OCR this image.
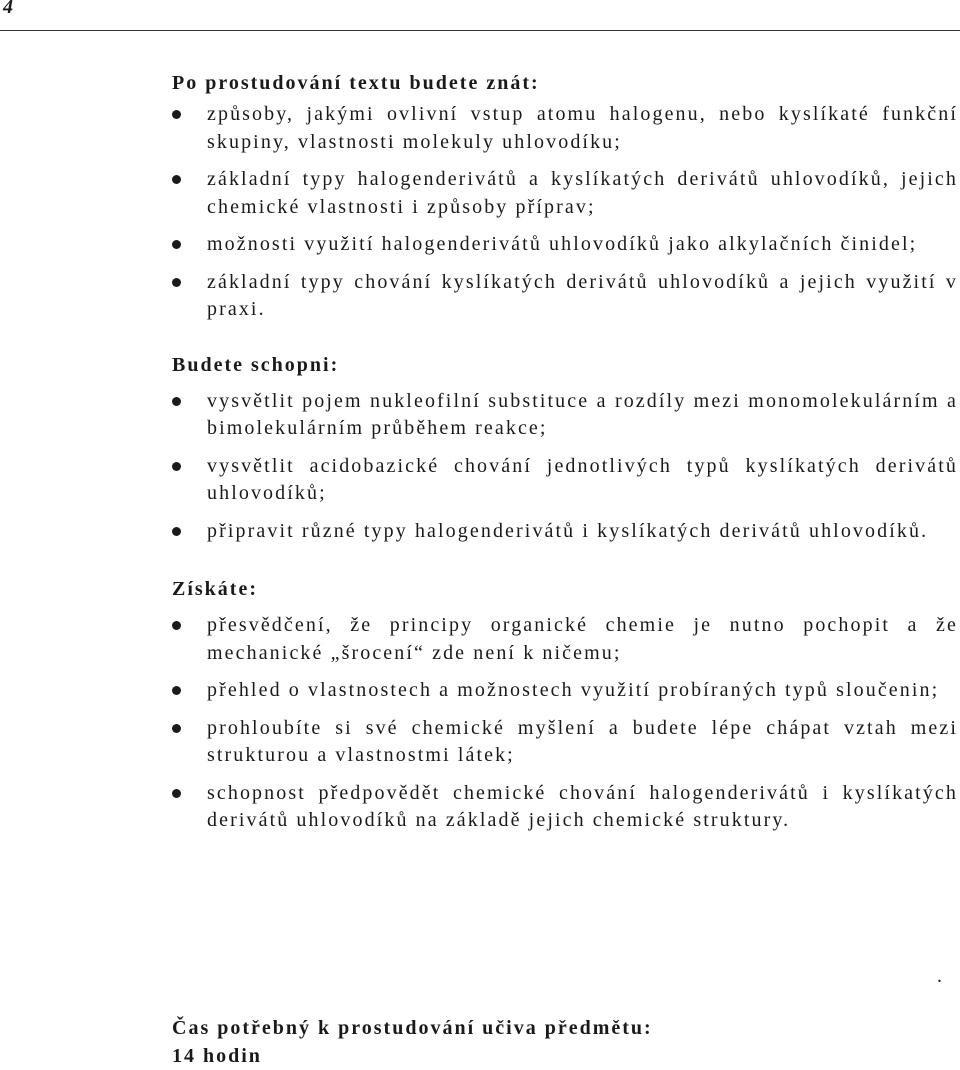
4
Po prostudování textu budete znát:
způsoby, jakými ovlivní vstup atomu halogenu, nebo kyslíkaté funkční skupiny, vlastnosti molekuly uhlovodíku;
základní typy halogenderivátů a kyslíkatých derivátů uhlovodíků, jejich chemické vlastnosti i způsoby příprav;
možnosti využití halogenderivátů uhlovodíků jako alkylačních činidel;
základní typy chování kyslíkatých derivátů uhlovodíků a jejich využití v praxi.
Budete schopni:
vysvětlit pojem nukleofilní substituce a rozdíly mezi monomolekulárním a bimolekulárním průběhem reakce;
vysvětlit acidobazické chování jednotlivých typů kyslíkatých derivátů uhlovodíků;
připravit různé typy halogenderivátů i kyslíkatých derivátů uhlovodíků.
Získáte:
přesvědčení, že principy organické chemie je nutno pochopit a že mechanické „šrocení“ zde není k ničemu;
přehled o vlastnostech a možnostech využití probíraných typů sloučenin;
prohloubíte si své chemické myšlení a budete lépe chápat vztah mezi strukturou a vlastnostmi látek;
schopnost předpovědět chemické chování halogenderivátů i kyslíkatých derivátů uhlovodíků na základě jejich chemické struktury.
.
Čas potřebný k prostudování učiva předmětu:
14 hodin
